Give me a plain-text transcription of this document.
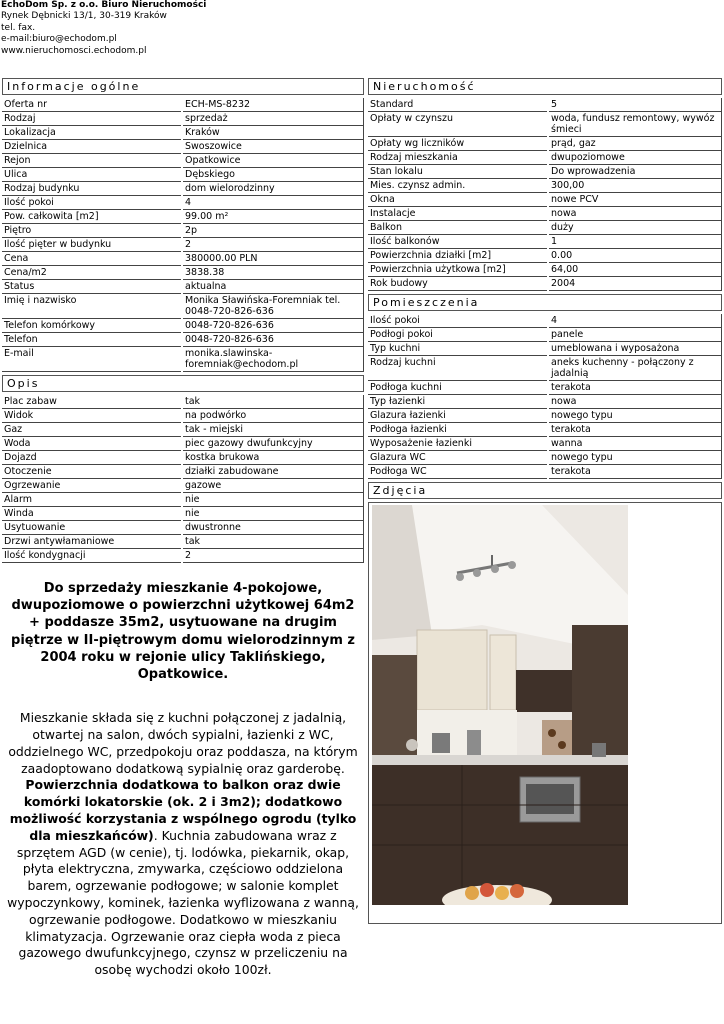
EchoDom Sp. z o.o. Biuro Nieruchomości
Rynek Dębnicki 13/1, 30-319 Kraków
tel. fax.
e-mail:biuro@echodom.pl
www.nieruchomosci.echodom.pl
Informacje ogólne
Oferta nr	ECH-MS-8232
Rodzaj	sprzedaż
Lokalizacja	Kraków
Dzielnica	Swoszowice
Rejon	Opatkowice
Ulica	Dębskiego
Rodzaj budynku	dom wielorodzinny
Ilość pokoi	4
Pow. całkowita [m2]	99.00 m²
Piętro	2p
Ilość pięter w budynku	2
Cena	380000.00 PLN
Cena/m2	3838.38
Status	aktualna
Imię i nazwisko	Monika Sławińska-Foremniak tel. 0048-720-826-636
Telefon komórkowy	0048-720-826-636
Telefon	0048-720-826-636
E-mail	monika.slawinska-foremniak@echodom.pl
Opis
Plac zabaw	tak
Widok	na podwórko
Gaz	tak - miejski
Woda	piec gazowy dwufunkcyjny
Dojazd	kostka brukowa
Otoczenie	działki zabudowane
Ogrzewanie	gazowe
Alarm	nie
Winda	nie
Usytuowanie	dwustronne
Drzwi antywłamaniowe	tak
Ilość kondygnacji	2
Do sprzedaży mieszkanie 4-pokojowe, dwupoziomowe o powierzchni użytkowej 64m2 + poddasze 35m2, usytuowane na drugim piętrze w II-piętrowym domu wielorodzinnym z 2004 roku w rejonie ulicy Taklińskiego, Opatkowice.
Mieszkanie składa się z kuchni połączonej z jadalnią, otwartej na salon, dwóch sypialni, łazienki z WC, oddzielnego WC, przedpokoju oraz poddasza, na którym zaadoptowano dodatkową sypialnię oraz garderobę. Powierzchnia dodatkowa to balkon oraz dwie komórki lokatorskie (ok. 2 i 3m2); dodatkowo możliwość korzystania z wspólnego ogrodu (tylko dla mieszkańców). Kuchnia zabudowana wraz z sprzętem AGD (w cenie), tj. lodówka, piekarnik, okap, płyta elektryczna, zmywarka, częściowo oddzielona barem, ogrzewanie podłogowe; w salonie komplet wypoczynkowy, kominek, łazienka wyflizowana z wanną, ogrzewanie podłogowe. Dodatkowo w mieszkaniu klimatyzacja. Ogrzewanie oraz ciepła woda z pieca gazowego dwufunkcyjnego, czynsz w przeliczeniu na osobę wychodzi około 100zł.
Nieruchomość
Standard	5
Opłaty w czynszu	woda, fundusz remontowy, wywóz śmieci
Opłaty wg liczników	prąd, gaz
Rodzaj mieszkania	dwupoziomowe
Stan lokalu	Do wprowadzenia
Mies. czynsz admin.	300,00
Okna	nowe PCV
Instalacje	nowa
Balkon	duży
Ilość balkonów	1
Powierzchnia działki [m2]	0.00
Powierzchnia użytkowa [m2]	64,00
Rok budowy	2004
Pomieszczenia
Ilość pokoi	4
Podłogi pokoi	panele
Typ kuchni	umeblowana i wyposażona
Rodzaj kuchni	aneks kuchenny - połączony z jadalnią
Podłoga kuchni	terakota
Typ łazienki	nowa
Glazura łazienki	nowego typu
Podłoga łazienki	terakota
Wyposażenie łazienki	wanna
Glazura WC	nowego typu
Podłoga WC	terakota
Zdjęcia
